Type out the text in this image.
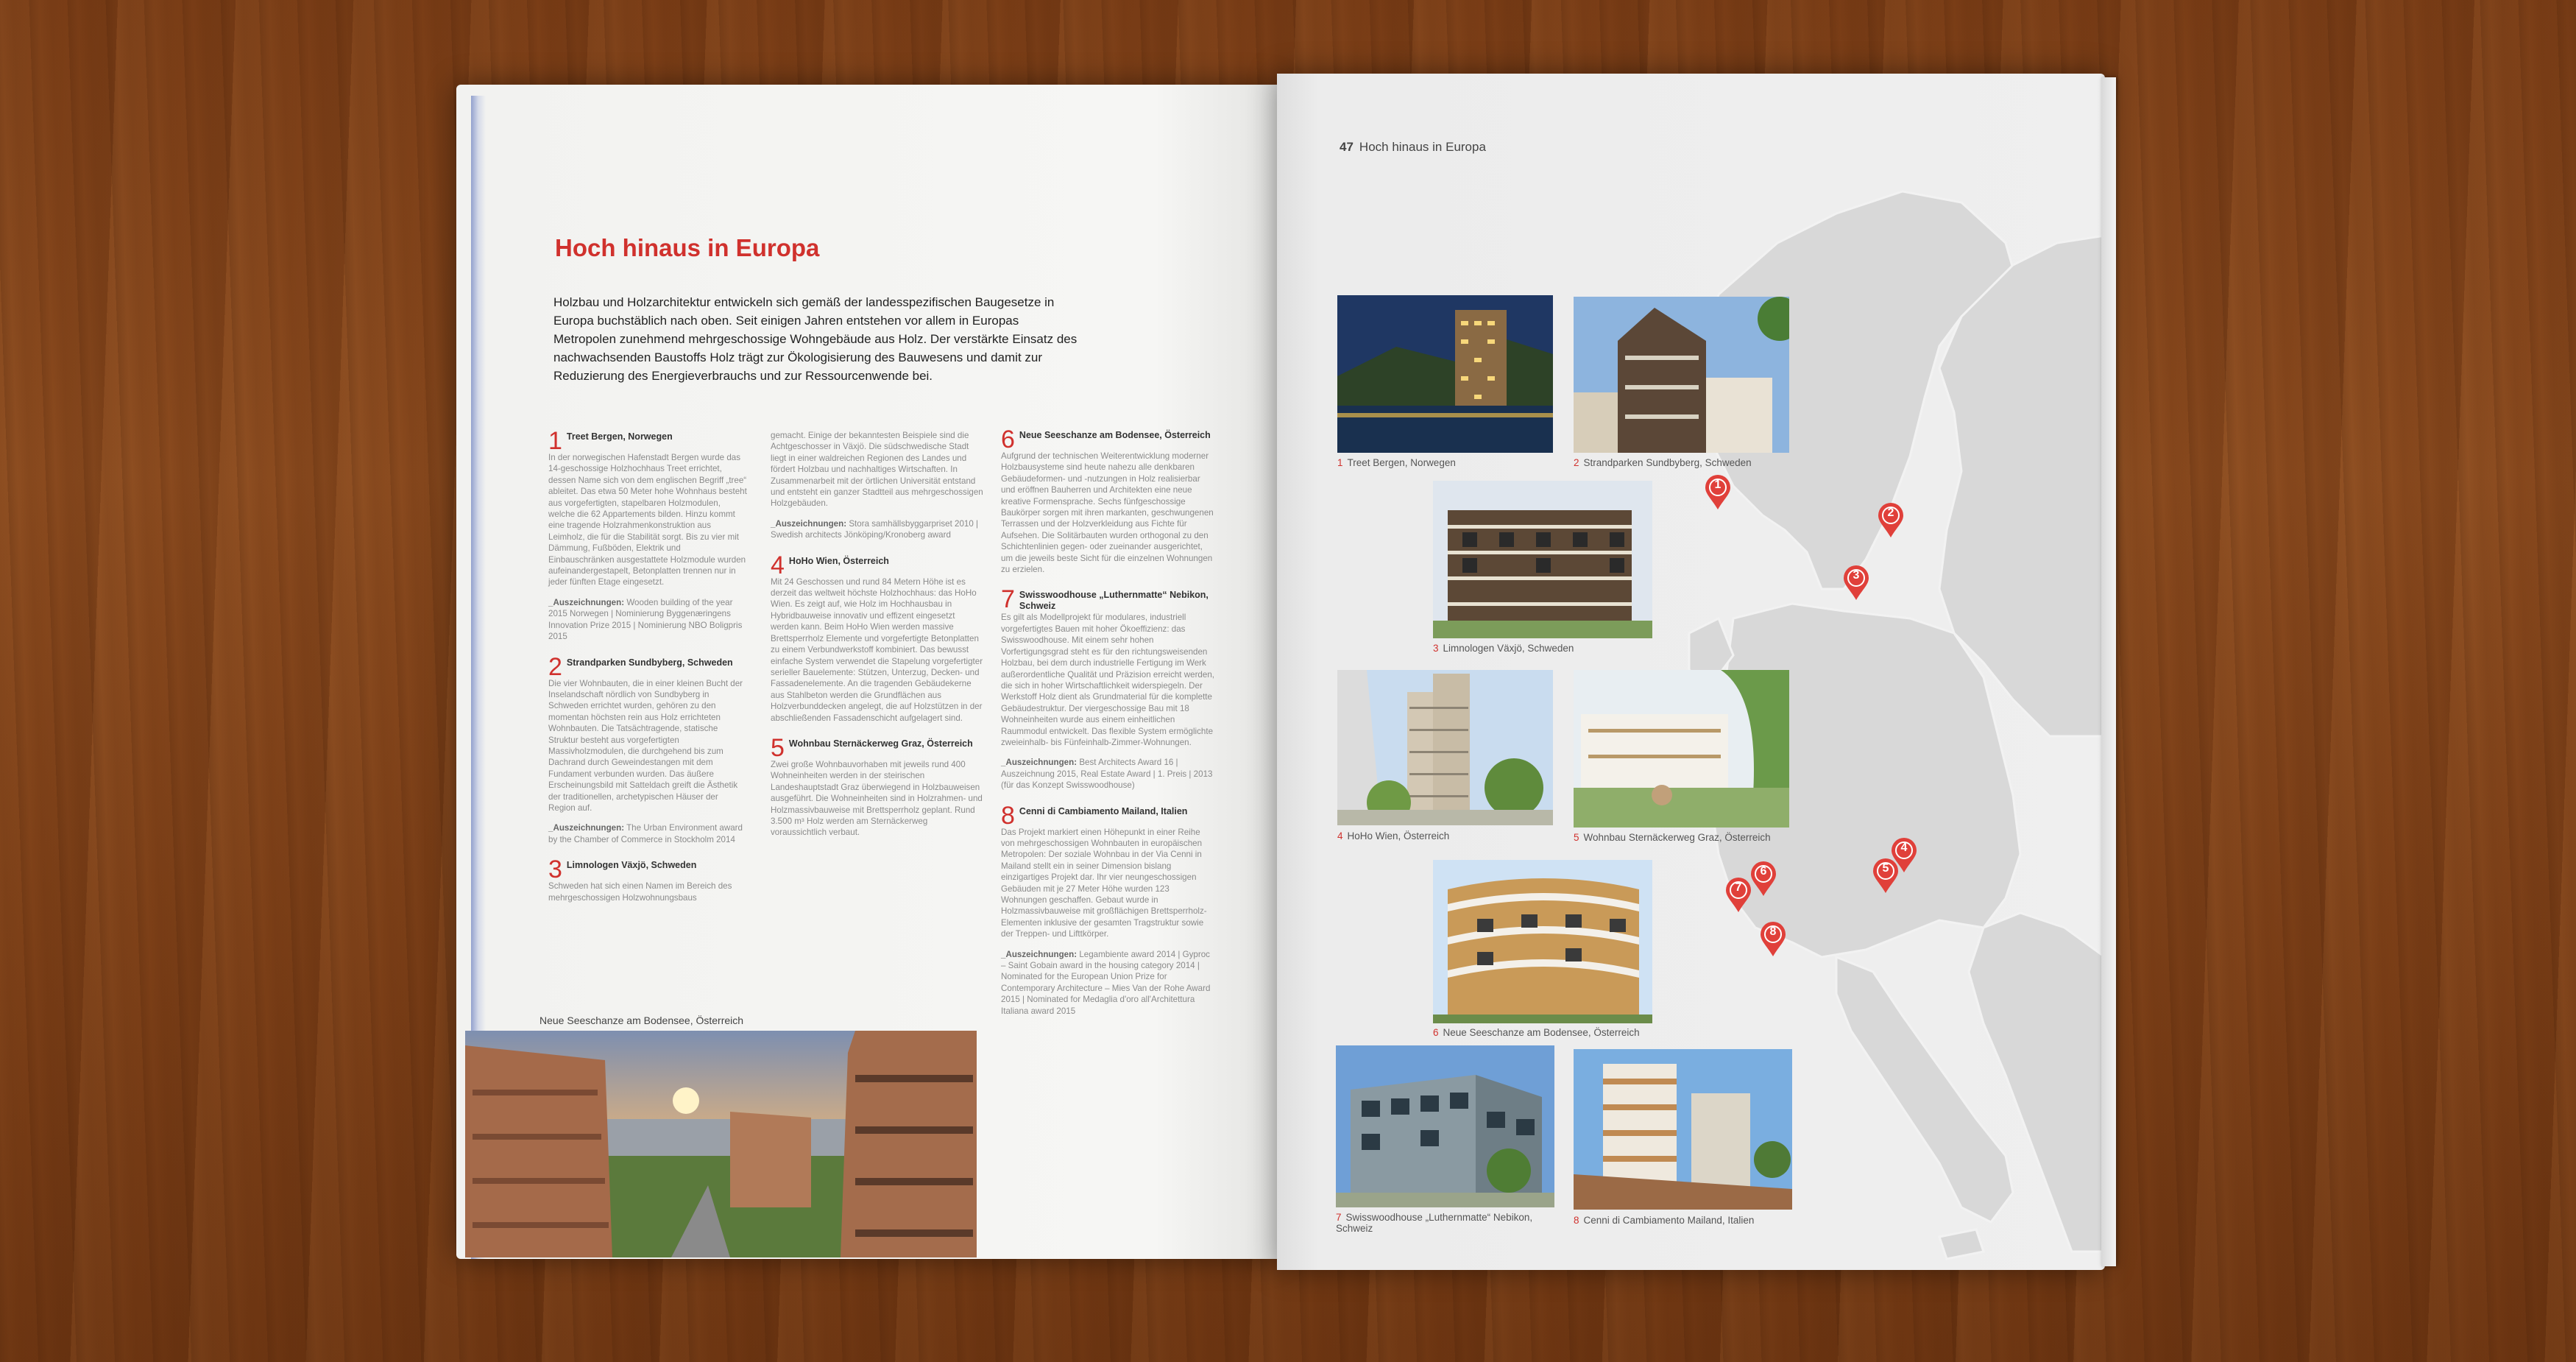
1
2
3
4
5
6
7
8
Hoch hinaus in Europa
Holzbau und Holzarchitektur entwickeln sich gemäß der landesspezifischen Baugesetze in Europa buchstäblich nach oben. Seit einigen Jahren entstehen vor allem in Europas Metropolen zunehmend mehrgeschossige Wohngebäude aus Holz. Der verstärkte Einsatz des nachwachsenden Baustoffs Holz trägt zur Ökologisierung des Bauwesens und damit zur Reduzierung des Energieverbrauchs und zur Ressourcenwende bei.
1 Treet Bergen, Norwegen
In der norwegischen Hafenstadt Bergen wurde das 14-geschossige Holzhochhaus Treet errichtet, dessen Name sich von dem englischen Begriff „tree“ ableitet. Das etwa 50 Meter hohe Wohnhaus besteht aus vorgefertigten, stapelbaren Holzmodulen, welche die 62 Appartements bilden. Hinzu kommt eine tragende Holzrahmenkonstruktion aus Leimholz, die für die Stabilität sorgt. Bis zu vier mit Dämmung, Fußböden, Elektrik und Einbauschränken ausgestattete Holzmodule wurden aufeinandergestapelt, Betonplatten trennen nur in jeder fünften Etage eingesetzt.
_Auszeichnungen: Wooden building of the year 2015 Norwegen | Nominierung Byggenæringens Innovation Prize 2015 | Nominierung NBO Boligpris 2015
2 Strandparken Sundbyberg, Schweden
Die vier Wohnbauten, die in einer kleinen Bucht der Inselandschaft nördlich von Sundbyberg in Schweden errichtet wurden, gehören zu den momentan höchsten rein aus Holz errichteten Wohnbauten. Die Tatsächtragende, statische Struktur besteht aus vorgefertigten Massivholzmodulen, die durchgehend bis zum Dachrand durch Geweindestangen mit dem Fundament verbunden wurden. Das äußere Erscheinungsbild mit Satteldach greift die Ästhetik der traditionellen, archetypischen Häuser der Region auf.
_Auszeichnungen: The Urban Environment award by the Chamber of Commerce in Stockholm 2014
3 Limnologen Växjö, Schweden
Schweden hat sich einen Namen im Bereich des mehrgeschossigen Holzwohnungsbaus
gemacht. Einige der bekanntesten Beispiele sind die Achtgeschosser in Växjö. Die südschwedische Stadt liegt in einer waldreichen Regionen des Landes und fördert Holzbau und nachhaltiges Wirtschaften. In Zusammenarbeit mit der örtlichen Universität entstand und entsteht ein ganzer Stadtteil aus mehrgeschossigen Holzgebäuden.
_Auszeichnungen: Stora samhällsbyggarpriset 2010 | Swedish architects Jönköping/Kronoberg award
4 HoHo Wien, Österreich
Mit 24 Geschossen und rund 84 Metern Höhe ist es derzeit das weltweit höchste Holzhochhaus: das HoHo Wien. Es zeigt auf, wie Holz im Hochhausbau in Hybridbauweise innovativ und effizent eingesetzt werden kann. Beim HoHo Wien werden massive Brettsperrholz Elemente und vorgefertigte Betonplatten zu einem Verbundwerkstoff kombiniert. Das bewusst einfache System verwendet die Stapelung vorgefertigter serieller Bauelemente: Stützen, Unterzug, Decken- und Fassadenelemente. An die tragenden Gebäudekerne aus Stahlbeton werden die Grundflächen aus Holzverbunddecken angelegt, die auf Holzstützen in der abschließenden Fassadenschicht aufgelagert sind.
5 Wohnbau Sternäckerweg Graz, Österreich
Zwei große Wohnbauvorhaben mit jeweils rund 400 Wohneinheiten werden in der steirischen Landeshauptstadt Graz überwiegend in Holzbauweisen ausgeführt. Die Wohneinheiten sind in Holzrahmen- und Holzmassivbauweise mit Brettsperrholz geplant. Rund 3.500 m³ Holz werden am Sternäckerweg voraussichtlich verbaut.
6 Neue Seeschanze am Bodensee, Österreich
Aufgrund der technischen Weiterentwicklung moderner Holzbausysteme sind heute nahezu alle denkbaren Gebäudeformen- und -nutzungen in Holz realisierbar und eröffnen Bauherren und Architekten eine neue kreative Formensprache. Sechs fünfgeschossige Baukörper sorgen mit ihren markanten, geschwungenen Terrassen und der Holzverkleidung aus Fichte für Aufsehen. Die Solitärbauten wurden orthogonal zu den Schichtenlinien gegen- oder zueinander ausgerichtet, um die jeweils beste Sicht für die einzelnen Wohnungen zu erzielen.
7 Swisswoodhouse „Luthernmatte“ Nebikon, Schweiz
Es gilt als Modellprojekt für modulares, industriell vorgefertigtes Bauen mit hoher Ökoeffizienz: das Swisswoodhouse. Mit einem sehr hohen Vorfertigungsgrad steht es für den richtungsweisenden Holzbau, bei dem durch industrielle Fertigung im Werk außerordentliche Qualität und Präzision erreicht werden, die sich in hoher Wirtschaftlichkeit widerspiegeln. Der Werkstoff Holz dient als Grundmaterial für die komplette Gebäudestruktur. Der viergeschossige Bau mit 18 Wohneinheiten wurde aus einem einheitlichen Raummodul entwickelt. Das flexible System ermöglichte zweieinhalb- bis Fünfeinhalb-Zimmer-Wohnungen.
_Auszeichnungen: Best Architects Award 16 | Auszeichnung 2015, Real Estate Award | 1. Preis | 2013 (für das Konzept Swisswoodhouse)
8 Cenni di Cambiamento Mailand, Italien
Das Projekt markiert einen Höhepunkt in einer Reihe von mehrgeschossigen Wohnbauten in europäischen Metropolen: Der soziale Wohnbau in der Via Cenni in Mailand stellt ein in seiner Dimension bislang einzigartiges Projekt dar. Ihr vier neungeschossigen Gebäuden mit je 27 Meter Höhe wurden 123 Wohnungen geschaffen. Gebaut wurde in Holzmassivbauweise mit großflächigen Brettsperrholz-Elementen inklusive der gesamten Tragstruktur sowie der Treppen- und Lifttkörper.
_Auszeichnungen: Legambiente award 2014 | Gyproc – Saint Gobain award in the housing category 2014 | Nominated for the European Union Prize for Contemporary Architecture – Mies Van der Rohe Award 2015 | Nominated for Medaglia d'oro all'Architettura Italiana award 2015
Neue Seeschanze am Bodensee, Österreich
47 Hoch hinaus in Europa
1 Treet Bergen, Norwegen	2 Strandparken Sundbyberg, Schweden
3 Limnologen Växjö, Schweden
4 HoHo Wien, Österreich	5 Wohnbau Sternäckerweg Graz, Österreich
6 Neue Seeschanze am Bodensee, Österreich
7 Swisswoodhouse „Luthernmatte“ Nebikon, Schweiz
8 Cenni di Cambiamento Mailand, Italien
